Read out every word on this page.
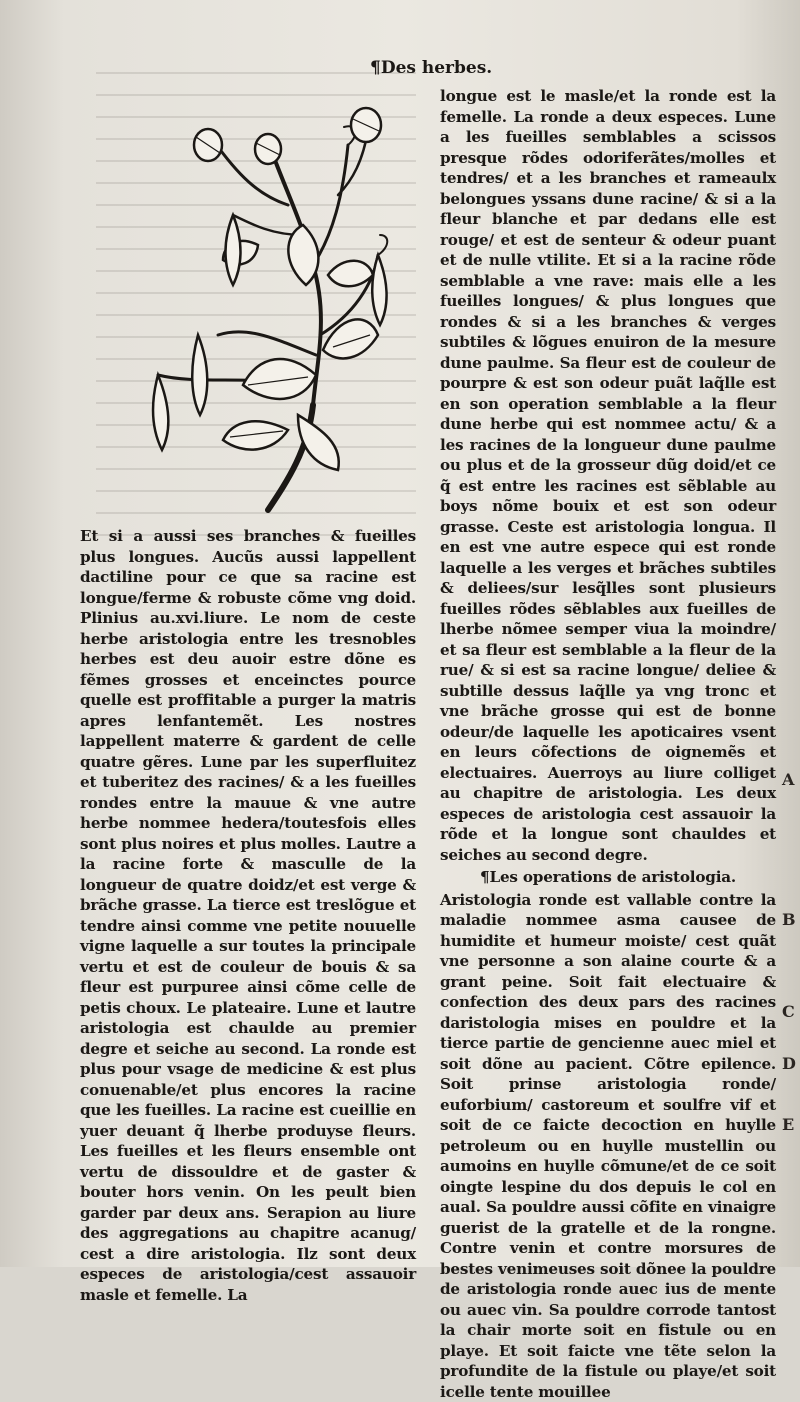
¶Des herbes.

Et si a aussi ses branches & fueilles plus longues. Aucũs aussi lappellent dactiline pour ce que sa racine est longue/ferme & robuste cõme vng doid. Plinius au.xvi.liure. Le nom de ceste herbe aristologia entre les tresnobles herbes est deu auoir estre dõne es fẽmes grosses et enceinctes pource quelle est proffitable a purger la matris apres lenfantemẽt. Les nostres lappellent materre & gardent de celle quatre gẽres. Lune par les superfluitez et tuberitez des racines/ & a les fueilles rondes entre la mauue & vne autre herbe nommee hedera/toutesfois elles sont plus noires et plus molles. Lautre a la racine forte & masculle de la longueur de quatre doidz/et est verge & brãche grasse. La tierce est treslõgue et tendre ainsi comme vne petite nouuelle vigne laquelle a sur toutes la principale vertu et est de couleur de bouis & sa fleur est purpuree ainsi cõme celle de petis choux. Le plateaire. Lune et lautre aristologia est chaulde au premier degre et seiche au second. La ronde est plus pour vsage de medicine & est plus conuenable/et plus encores la racine que les fueilles. La racine est cueillie en yuer deuant q̃ lherbe produyse fleurs. Les fueilles et les fleurs ensemble ont vertu de dissouldre et de gaster & bouter hors venin. On les peult bien garder par deux ans. Serapion au liure des aggregations au chapitre acanug/ cest a dire aristologia. Ilz sont deux especes de aristologia/cest assauoir masle et femelle. La

longue est le masle/et la ronde est la femelle. La ronde a deux especes. Lune a les fueilles semblables a scissos presque rõdes odoriferãtes/molles et tendres/ et a les branches et ramеaulx belongues yssans dune racine/ & si a la fleur blanche et par dedans elle est rouge/ et est de senteur & odeur puant et de nulle vtilite. Et si a la racine rõde semblable a vne rave: mais elle a les fueilles longues/ & plus longues que rondes & si a les branches & verges subtiles & lõgues enuiron de la mesure dune paulme. Sa fleur est de couleur de pourpre & est son odeur puãt laq̃lle est en son operation semblable a la fleur dune herbe qui est nommee actu/ & a les racines de la longueur dune paulme ou plus et de la grosseur dũg doid/et ce q̃ est entre les racines est sẽblable au boys nõme bouix et est son odeur grasse. Ceste est aristologia longua. Il en est vne autre espece qui est ronde laquelle a les verges et brãches subtiles & deliees/sur lesq̃lles sont plusieurs fueilles rõdes sẽblables aux fueilles de lherbe nõmee semper viua la moindre/ et sa fleur est semblable a la fleur de la rue/ & si est sa racine longue/ deliee & subtille dessus laq̃lle ya vng tronc et vne brãche grosse qui est de bonne odeur/de laquelle les apoticaires vsent en leurs cõfections de oignemẽs et electuaires. Auerroys au liure colliget au chapitre de aristologia. Les deux especes de aristologia cest assauoir la rõde et la longue sont chauldes et seiches au second degre.

¶Les operations de aristologia.

Aristologia ronde est vallable contre la maladie nommee asma causee de humidite et humeur moiste/ cest quãt vne personne a son alaine courte & a grant peine. Soit fait electuaire & confection des deux pars des racines daristologia mises en pouldre et la tierce partie de gencienne auec miel et soit dõne au pacient. Cõtre epilence. Soit prinse aristologia ronde/ euforbium/ castoreum et soulfre vif et soit de ce faicte decoction en huylle petroleum ou en huylle mustellin ou aumoins en huylle cõmune/et de ce soit oingte lespine du dos depuis le col en aual. Sa pouldre aussi cõfite en vinaigre guerist de la gratelle et de la rongne. Contre venin et contre morsures de bestes venimeuses soit dõnee la pouldre de aristologia ronde auec ius de mente ou auec vin. Sa pouldre corrode tantost la chair morte soit en fistule ou en playe. Et soit faicte vne tẽte selon la profundite de la fistule ou playe/et soit icelle tente mouillee

A
B
C
D
E
